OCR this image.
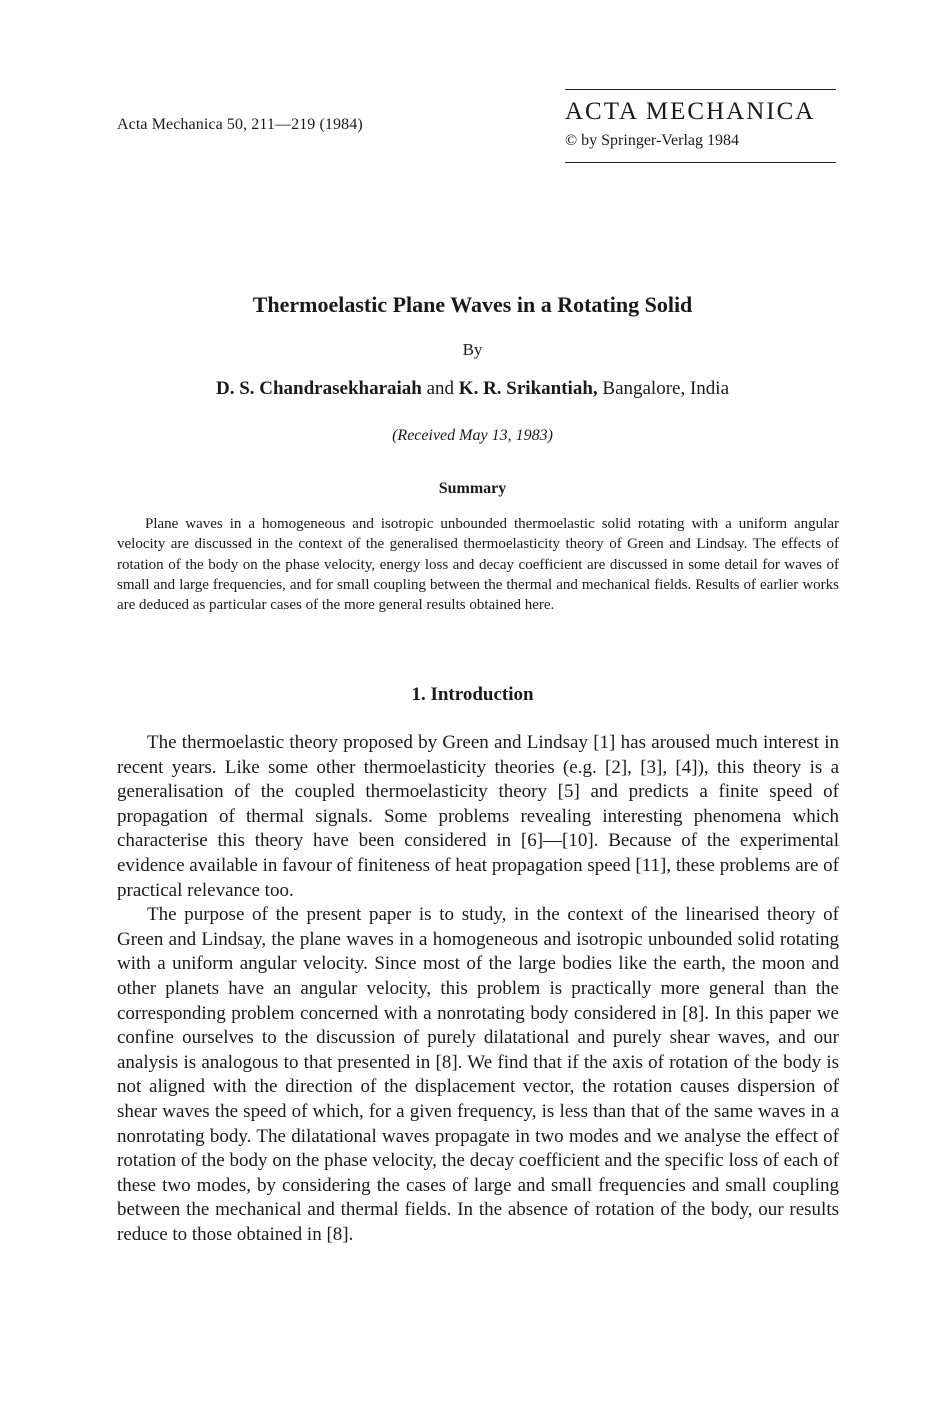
Acta Mechanica 50, 211—219 (1984)	ACTA MECHANICA
© by Springer-Verlag 1984
Thermoelastic Plane Waves in a Rotating Solid
By
D. S. Chandrasekharaiah and K. R. Srikantiah, Bangalore, India
(Received May 13, 1983)
Summary

Plane waves in a homogeneous and isotropic unbounded thermoelastic solid rotating with a uniform angular velocity are discussed in the context of the generalised thermoelasticity theory of Green and Lindsay. The effects of rotation of the body on the phase velocity, energy loss and decay coefficient are discussed in some detail for waves of small and large frequencies, and for small coupling between the thermal and mechanical fields. Results of earlier works are deduced as particular cases of the more general results obtained here.

1. Introduction

The thermoelastic theory proposed by Green and Lindsay [1] has aroused much interest in recent years. Like some other thermoelasticity theories (e.g. [2], [3], [4]), this theory is a generalisation of the coupled thermoelasticity theory [5] and predicts a finite speed of propagation of thermal signals. Some problems revealing interesting phenomena which characterise this theory have been considered in [6]—[10]. Because of the experimental evidence available in favour of finiteness of heat propagation speed [11], these problems are of practical relevance too.

The purpose of the present paper is to study, in the context of the linearised theory of Green and Lindsay, the plane waves in a homogeneous and isotropic unbounded solid rotating with a uniform angular velocity. Since most of the large bodies like the earth, the moon and other planets have an angular velocity, this problem is practically more general than the corresponding problem concerned with a nonrotating body considered in [8]. In this paper we confine ourselves to the discussion of purely dilatational and purely shear waves, and our analysis is analogous to that presented in [8]. We find that if the axis of rotation of the body is not aligned with the direction of the displacement vector, the rotation causes dispersion of shear waves the speed of which, for a given frequency, is less than that of the same waves in a nonrotating body. The dilatational waves propagate in two modes and we analyse the effect of rotation of the body on the phase velocity, the decay coefficient and the specific loss of each of these two modes, by considering the cases of large and small frequencies and small coupling between the mechanical and thermal fields. In the absence of rotation of the body, our results reduce to those obtained in [8].
